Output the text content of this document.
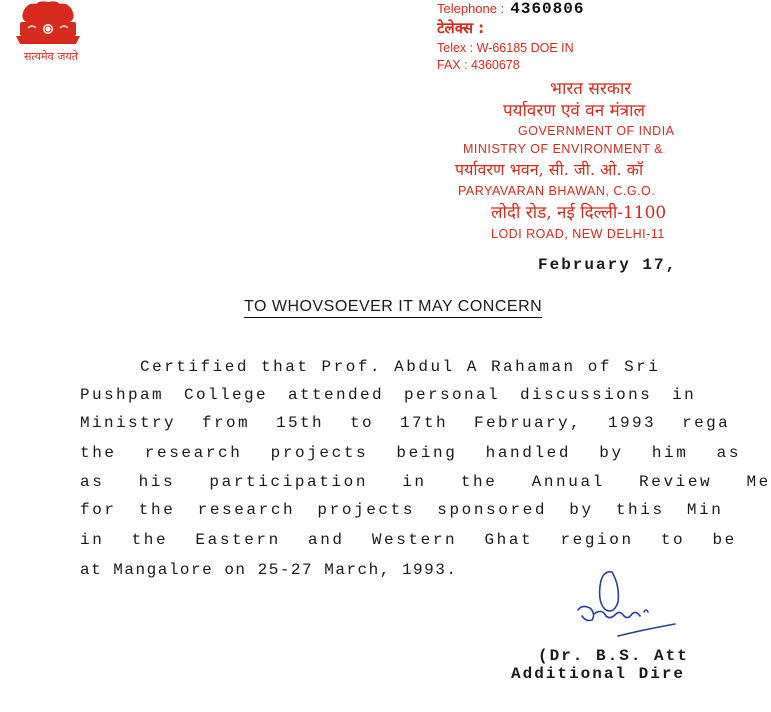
सत्यमेव जयते
Telephone : 4360806
टेलेक्स :
Telex : W-66185 DOE IN
FAX : 4360678
भारत सरकार
पर्यावरण एवं वन मंत्राल
GOVERNMENT OF INDIA
MINISTRY OF ENVIRONMENT &
पर्यावरण भवन, सी. जी. ओ. कॉ
PARYAVARAN BHAWAN, C.G.O.
लोदी रोड, नई दिल्ली-1100
LODI ROAD, NEW DELHI-11
February 17,
TO WHOVSOEVER IT MAY CONCERN
Certified that Prof. Abdul A Rahaman of Sri
Pushpam College attended personal discussions in
Ministry from 15th to 17th February, 1993 rega
the research projects being handled by him as
as his participation in the Annual Review Me
for the research projects sponsored by this Min
in the Eastern and Western Ghat region to be
at Mangalore on 25-27 March, 1993.
(Dr. B.S. Att
Additional Dire
